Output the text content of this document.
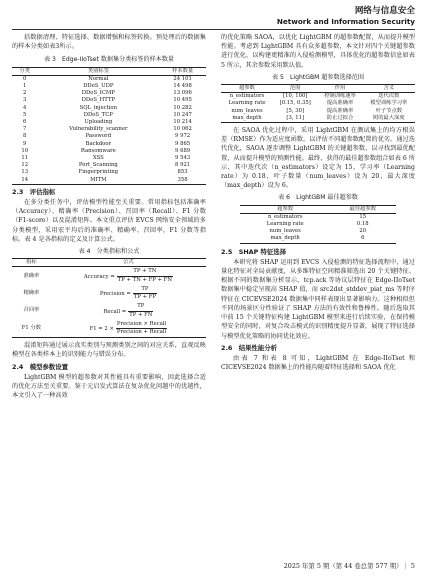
网络与信息安全
Network and Information Security

括数据清理、特征选择、数据增强和标签转换。预处理后的数据集的样本分类如表3所示。

表 3　Edge-IIoTset 数据集分类标签的样本数量
分类	类别标签	样本数量
0	Normal	24 101
1	DDoS_UDP	14 498
2	DDoS_ICMP	13 096
3	DDoS_HTTP	10 495
4	SQL_injection	10 282
5	DDoS_TCP	10 247
6	Uploading	10 214
7	Vulnerability_scanner	10 062
8	Password	9 972
9	Backdoor	9 865
10	Ransomware	9 689
11	XSS	9 543
12	Port_Scanning	8 921
13	Fingerprinting	853
14	MITM	358
2.3　评估指标

在多分类任务中，评估模型性能至关重要。常用指标包括准确率（Accuracy）、精确率（Precision）、召回率（Recall）、F1 分数（F1-score）以及混淆矩阵。本文重点评估 EVCS 网络安全领域的多分类模型，采用宏平均后的准确率、精确率、召回率、F1 分数等指标。表 4 是各指标的定义及计算公式。

表 4　分类指标和公式
指标	公式
准确率	Accuracy = $\frac{TP + TN}{TP + TN + FP + FN}$

精确率	Precision = $\frac{TP}{TP + FP}$

召回率	Recall = $\frac{TP}{TP + FN}$

F1 分数	$F1 = 2 \times \frac{\text{Precision × Recall}}{\text{Precision + Recall}}$

混淆矩阵通过展示真实类别与预测类别之间的对应关系，直观反映模型在各类样本上的识别能力与错误分布。

2.4　模型参数设置

LightGBM 模型的超参数对其性能具有重要影响，因此选择合适的优化方法至关重要。鉴于元启发式算法在复杂优化问题中的优越性，本文引入了一种高效

的优化策略 SAOA，以优化 LightGBM 的超参数配置，从而提升模型性能。考虑到 LightGBM 具有众多超参数，本文针对四个关键超参数进行优化，以构建更精准的入侵检测模型，具体优化的超参数信息如表 5 所示，其余参数采用默认值。

表 5　LightGBM 超参数选择范围
超参数	范围	作用	含义
n_estimators	[10, 100]	控制训练速率	迭代次数
Learning rate	[0.15, 0.35]	提高准确率	模型训练学习率
num_leaves	[5, 30]	提高准确率	叶子节点数
max_depth	[3, 11]	防止过拟合	树的最大深度

在 SAOA 优化过程中，采用 LightGBM 在测试集上的均方根误差（RMSE）作为适应度函数，以评估不同超参数配置的优劣。通过迭代优化，SAOA 逐步调整 LightGBM 的关键超参数，以寻找到最优配置，从而提升模型的预测性能。最终，获得的最佳超参数组合如表 6 所示，其中迭代次（n_estimators）设定为 15，学习率（Learning rate）为 0.18，叶子数量（num_leaves）设为 20，最大深度（max_depth）设为 6。

表 6　LightGBM 最佳超参数
超参数	最佳超参数
n_estimators	15
Learning rate	0.18
num_leaves	20
max_depth	6
2.5　SHAP 特征选择

本研究将 SHAP 运用到 EVCS 入侵检测的特征选择流程中，通过量化特征对全局贡献度，从多维特征空间精准筛选出 20 个关键特征。根据不同的数据集分析显示，tcp.ack 等协议层特征在 Edge-IIoTset 数据集中稳定呈现高 SHAP 值，而 src2dst_stddev_piat_ms 等时序特征在 CICEVSE2024 数据集中同样表现出显著影响力。这种相似但不同的场景区分性验证了 SHAP 方法的有效性和鲁棒性。随后选取其中前 15 个关键特征构建 LightGBM 模型来进行后续实验，在保持模型安全的同时，对复合攻击模式的识别精度提升显著，展现了特征选择与模型优化策略的协同优化效应。

2.6　结果性能分析

由表 7 和表 8 可知，LightGBM 在 Edge-IIoTset 和 CICEVSE2024 数据集上的性能均随着特征选择和 SAOA 优化

2025 年第 5 期（第 44 卷总第 577 期）｜ 5
